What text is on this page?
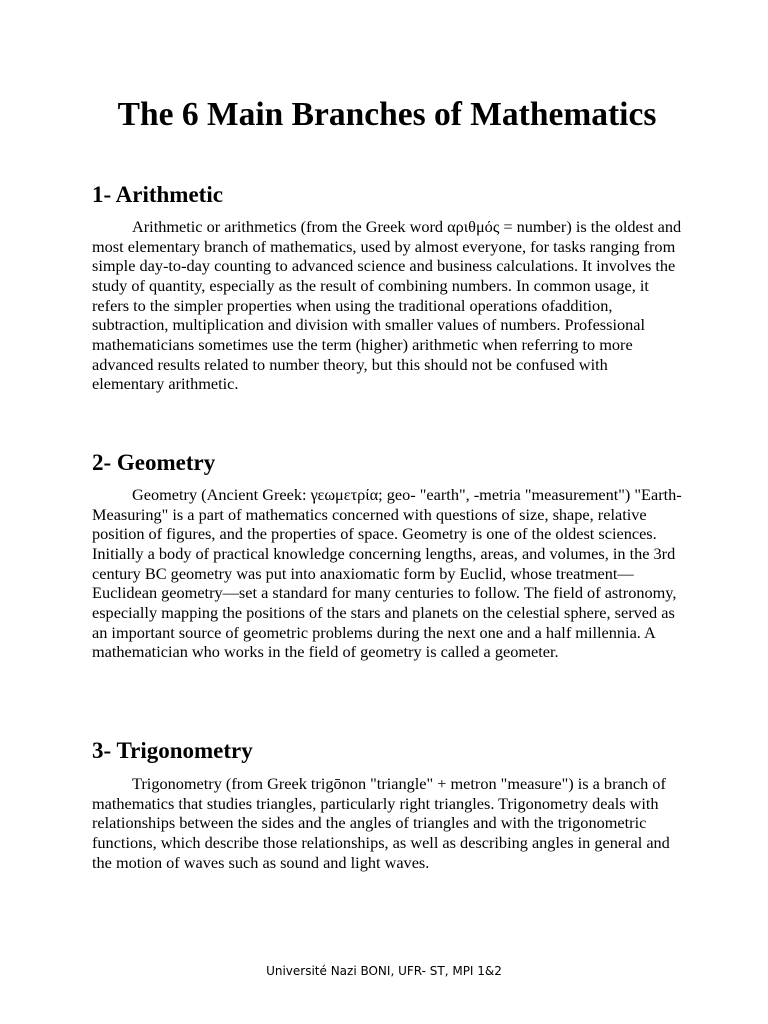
The 6 Main Branches of Mathematics
1- Arithmetic

Arithmetic or arithmetics (from the Greek word αριθμός = number) is the oldest and most elementary branch of mathematics, used by almost everyone, for tasks ranging from simple day-to-day counting to advanced science and business calculations. It involves the study of quantity, especially as the result of combining numbers. In common usage, it refers to the simpler properties when using the traditional operations ofaddition, subtraction, multiplication and division with smaller values of numbers. Professional mathematicians sometimes use the term (higher) arithmetic when referring to more advanced results related to number theory, but this should not be confused with elementary arithmetic.

2- Geometry

Geometry (Ancient Greek: γεωμετρία; geo- "earth", -metria "measurement") "Earth-Measuring" is a part of mathematics concerned with questions of size, shape, relative position of figures, and the properties of space. Geometry is one of the oldest sciences. Initially a body of practical knowledge concerning lengths, areas, and volumes, in the 3rd century BC geometry was put into anaxiomatic form by Euclid, whose treatment—Euclidean geometry—set a standard for many centuries to follow. The field of astronomy, especially mapping the positions of the stars and planets on the celestial sphere, served as an important source of geometric problems during the next one and a half millennia. A mathematician who works in the field of geometry is called a geometer.

3- Trigonometry

Trigonometry (from Greek trigōnon "triangle" + metron "measure") is a branch of mathematics that studies triangles, particularly right triangles. Trigonometry deals with relationships between the sides and the angles of triangles and with the trigonometric functions, which describe those relationships, as well as describing angles in general and the motion of waves such as sound and light waves.

Université Nazi BONI, UFR- ST, MPI 1&2
